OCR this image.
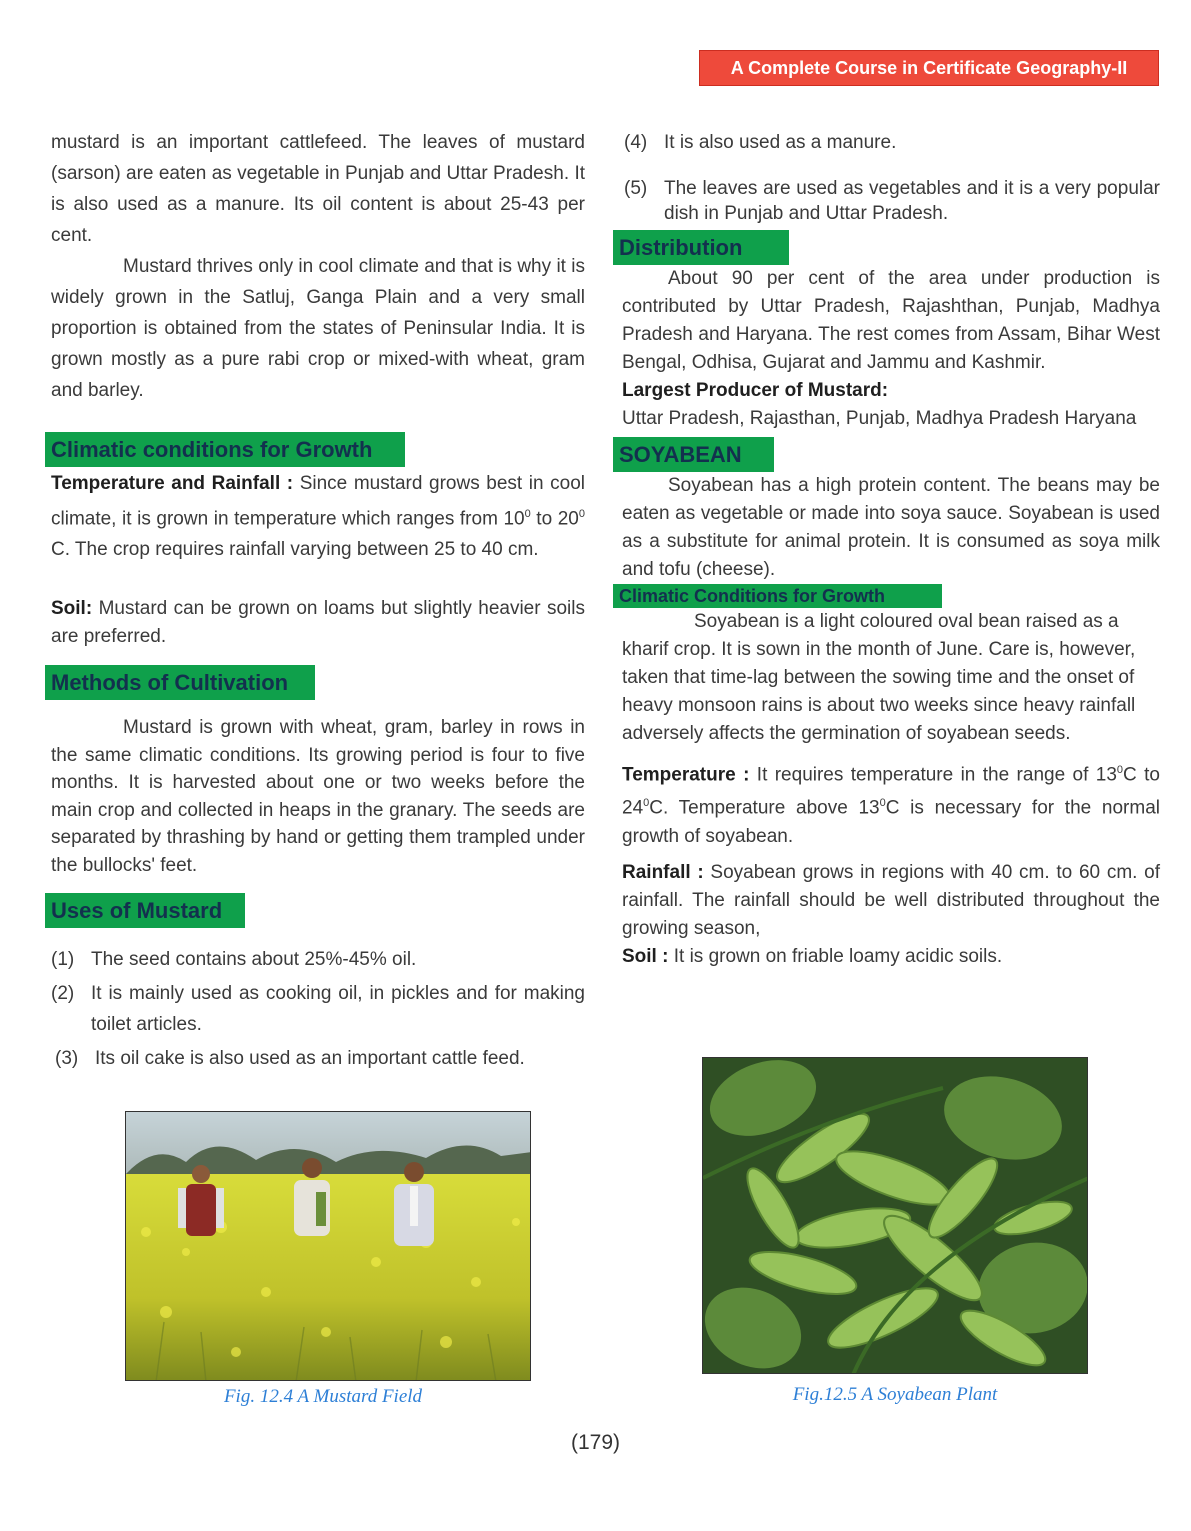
A Complete Course in Certificate Geography-II

mustard is an important cattlefeed. The leaves of mustard (sarson) are eaten as vegetable in Punjab and Uttar Pradesh. It is also used as a manure. Its oil content is about 25-43 per cent.

Mustard thrives only in cool climate and that is why it is widely grown in the Satluj, Ganga Plain and a very small proportion is obtained from the states of Peninsular India. It is grown mostly as a pure rabi crop or mixed-with wheat, gram and barley.

Climatic conditions for Growth

Temperature and Rainfall : Since mustard grows best in cool climate, it is grown in temperature which ranges from $10^0$ to $20^0$ C. The crop requires rainfall varying between 25 to 40 cm.

Soil: Mustard can be grown on loams but slightly heavier soils are preferred.

Methods of Cultivation

Mustard is grown with wheat, gram, barley in rows in the same climatic conditions. Its growing period is four to five months. It is harvested about one or two weeks before the main crop and collected in heaps in the granary. The seeds are separated by thrashing by hand or getting them trampled under the bullocks' feet.

Uses of Mustard
(1) The seed contains about 25%-45% oil.
(2) It is mainly used as cooking oil, in pickles and for making toilet articles.
(3) Its oil cake is also used as an important cattle feed.
(4) It is also used as a manure.
(5) The leaves are used as vegetables and it is a very popular dish in Punjab and Uttar Pradesh.
Distribution

About 90 per cent of the area under production is contributed by Uttar Pradesh, Rajashthan, Punjab, Madhya Pradesh and Haryana. The rest comes from Assam, Bihar West Bengal, Odhisa, Gujarat and Jammu and Kashmir.

Largest Producer of Mustard:

Uttar Pradesh, Rajasthan, Punjab, Madhya Pradesh Haryana

SOYABEAN

Soyabean has a high protein content. The beans may be eaten as vegetable or made into soya sauce. Soyabean is used as a substitute for animal protein. It is consumed as soya milk and tofu (cheese).

Climatic Conditions for Growth

Soyabean is a light coloured oval bean raised as a kharif crop. It is sown in the month of June. Care is, however, taken that time-lag between the sowing time and the onset of heavy monsoon rains is about two weeks since heavy rainfall adversely affects the germination of soyabean seeds.

Temperature : It requires temperature in the range of $13^0C$ to $24^0C$. Temperature above $13^0C$ is necessary for the normal growth of soyabean.

Rainfall : Soyabean grows in regions with 40 cm. to 60 cm. of rainfall. The rainfall should be well distributed throughout the growing season,

Soil : It is grown on friable loamy acidic soils.

Fig. 12.4 A Mustard Field	Fig.12.5 A Soyabean Plant
(179)
